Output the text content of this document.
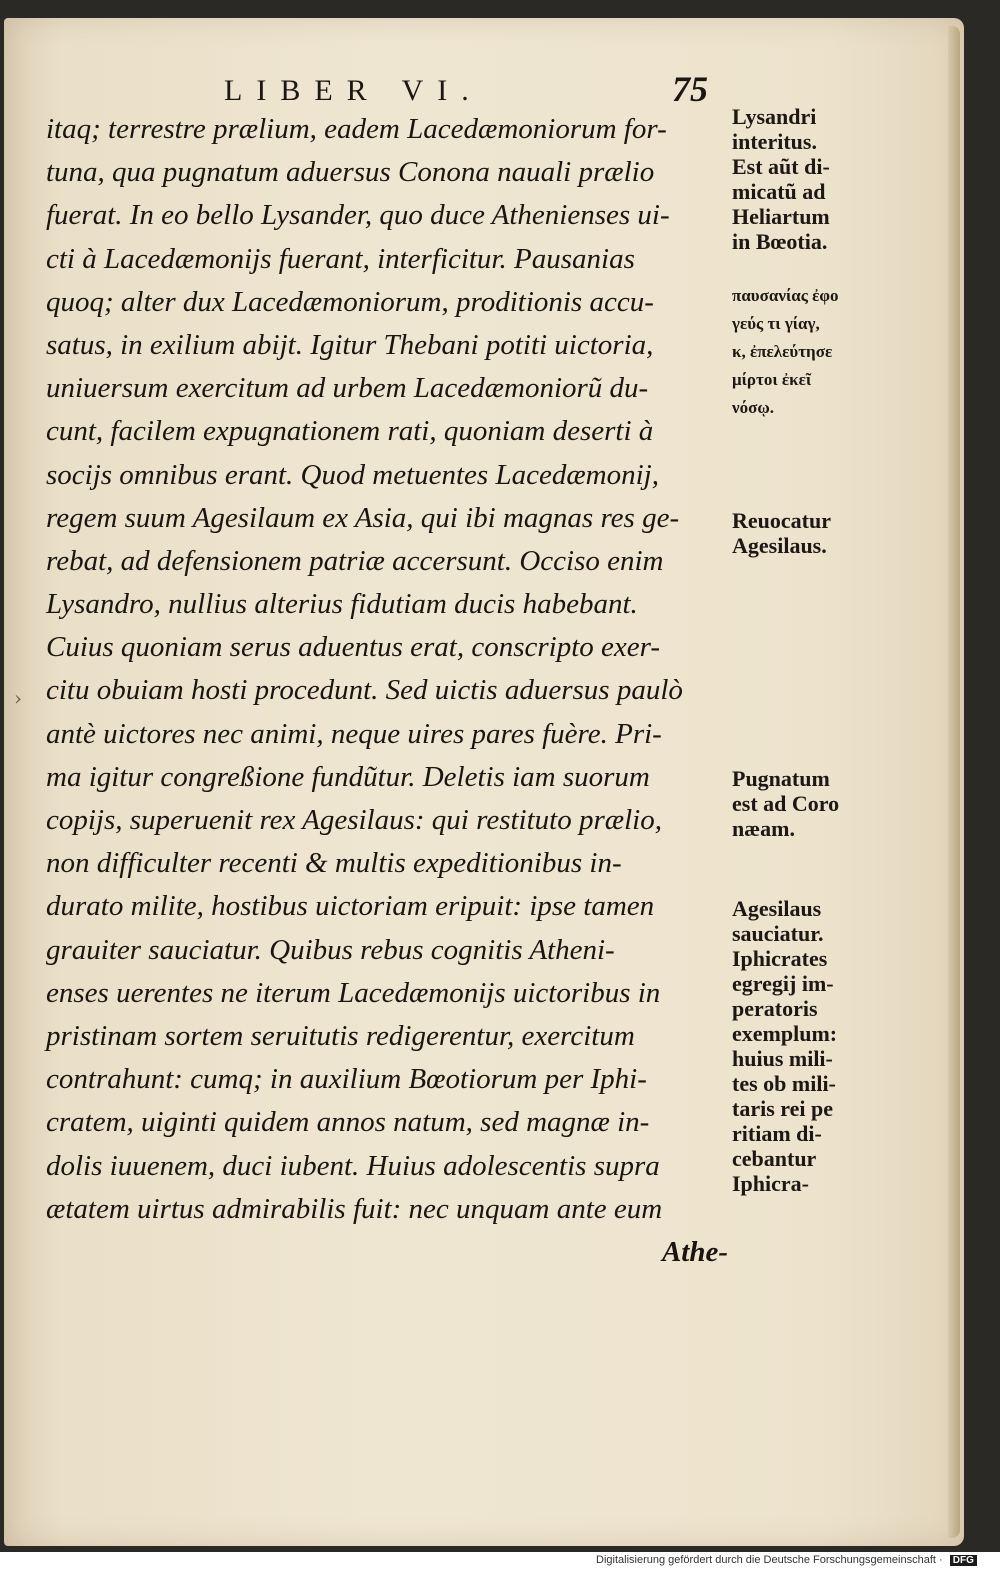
LIBER VI.	75
›
itaq; terrestre prælium, eadem Lacedæmoniorum for-
tuna, qua pugnatum aduersus Conona nauali prælio
fuerat. In eo bello Lysander, quo duce Athenienses ui-
cti à Lacedæmonijs fuerant, interficitur. Pausanias
quoq; alter dux Lacedæmoniorum, proditionis accu-
satus, in exilium abijt. Igitur Thebani potiti uictoria,
uniuersum exercitum ad urbem Lacedæmoniorũ du-
cunt, facilem expugnationem rati, quoniam deserti à
socijs omnibus erant. Quod metuentes Lacedæmonij,
regem suum Agesilaum ex Asia, qui ibi magnas res ge-
rebat, ad defensionem patriæ accersunt. Occiso enim
Lysandro, nullius alterius fidutiam ducis habebant.
Cuius quoniam serus aduentus erat, conscripto exer-
citu obuiam hosti procedunt. Sed uictis aduersus paulò
antè uictores nec animi, neque uires pares fuère. Pri-
ma igitur congreßione fundũtur. Deletis iam suorum
copijs, superuenit rex Agesilaus: qui restituto prælio,
non difficulter recenti & multis expeditionibus in-
durato milite, hostibus uictoriam eripuit: ipse tamen
grauiter sauciatur. Quibus rebus cognitis Atheni-
enses uerentes ne iterum Lacedæmonijs uictoribus in
pristinam sortem seruitutis redigerentur, exercitum
contrahunt: cumq; in auxilium Bœotiorum per Iphi-
cratem, uiginti quidem annos natum, sed magnæ in-
dolis iuuenem, duci iubent. Huius adolescentis supra
ætatem uirtus admirabilis fuit: nec unquam ante eum
Athe-
Lysandri
interitus.
Est aũt di-
micatũ ad
Heliartum
in Bœotia.
παυσανίας ἐφο
γεύς τι γίαγ,
κ, ἐπελεύτησε
μίρτοι ἐκεῖ
νόσῳ.
Reuocatur
Agesilaus.
Pugnatum
est ad Coro
næam.
Agesilaus
sauciatur.
Iphicrates
egregij im-
peratoris
exemplum:
huius mili-
tes ob mili-
taris rei pe
ritiam di-
cebantur
Iphicra-
Digitalisierung gefördert durch die Deutsche Forschungsgemeinschaft · DFG
